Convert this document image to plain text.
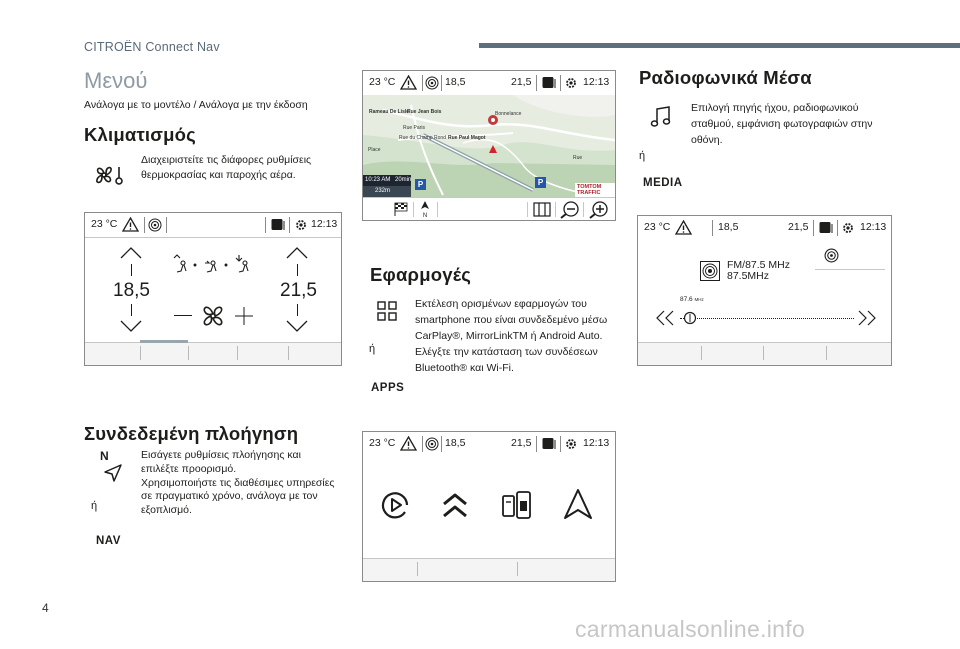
CITROËN Connect Nav
Μενού
Ανάλογα με το μοντέλο / Ανάλογα με την έκδοση
Κλιματισμός
Διαχειριστείτε τις διάφορες ρυθμίσεις
θερμοκρασίας και παροχής αέρα.
23 °C	12:13
18,5	21,5
Συνδεδεμένη πλοήγηση
N	Εισάγετε ρυθμίσεις πλοήγησης και
επιλέξτε προορισμό.
Χρησιμοποιήστε τις διαθέσιμες υπηρεσίες
σε πραγματικό χρόνο, ανάλογα με τον
εξοπλισμό.
ή
NAV
23 °C	18,5	21,5	12:13
Rameau De Lisle
Rue Jean Bois	Bonnelance
Rue Paris
Rue du Champ Rond Rue Paul Magot
Place
Rue
10:23 AM 20min
232m
P	P	TOMTOM TRAFFIC
N
Εφαρμογές
Εκτέλεση ορισμένων εφαρμογών του
smartphone που είναι συνδεδεμένο μέσω
CarPlay®, MirrorLinkTM ή Android Auto.
Ελέγξτε την κατάσταση των συνδέσεων
Bluetooth® και Wi-Fi.
ή
APPS
23 °C	18,5	21,5	12:13
Ραδιοφωνικά Μέσα
Επιλογή πηγής ήχου, ραδιοφωνικού
σταθμού, εμφάνιση φωτογραφιών στην
οθόνη.
ή
MEDIA
23 °C	18,5	21,5	12:13
FM/87.5 MHz
87.5MHz
87.6 MHz
4
carmanualsonline.info
